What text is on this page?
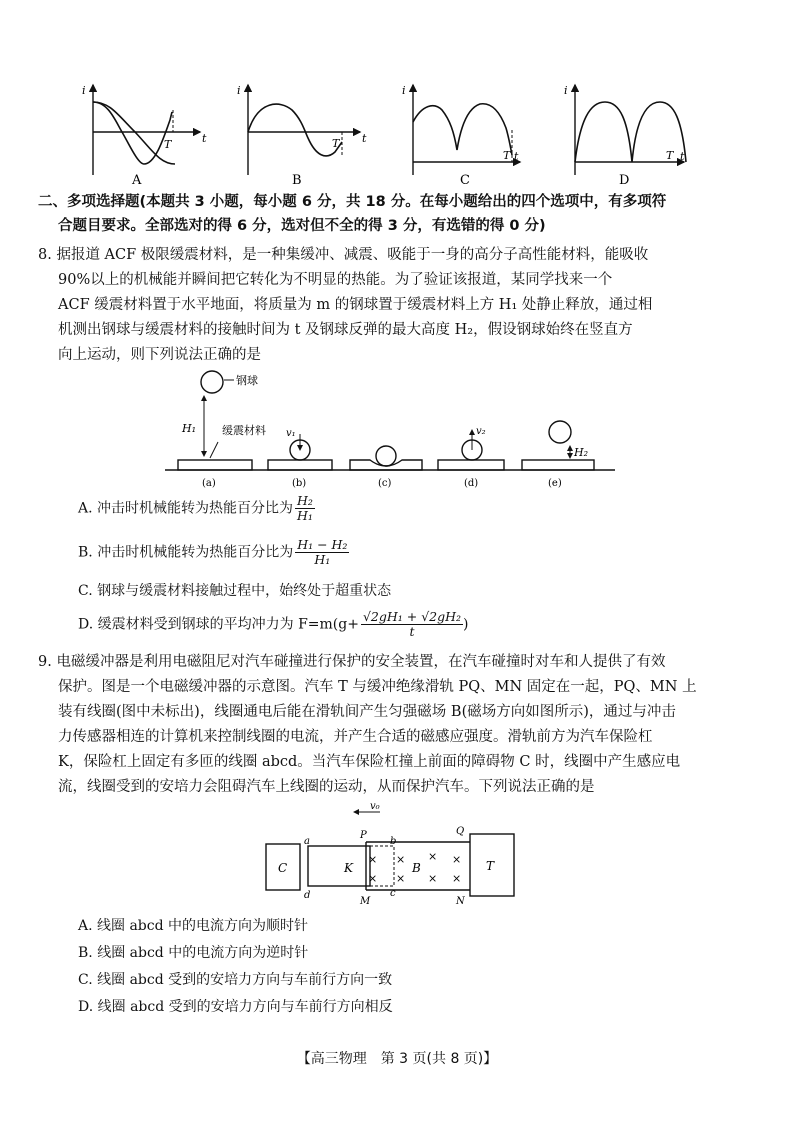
i
t
i
t
i
t
i
t
T
A
T
B
T
C
T
D
二、多项选择题(本题共 3 小题，每小题 6 分，共 18 分。在每小题给出的四个选项中，有多项符
合题目要求。全部选对的得 6 分，选对但不全的得 3 分，有选错的得 0 分)
8. 据报道 ACF 极限缓震材料，是一种集缓冲、减震、吸能于一身的高分子高性能材料，能吸收
90%以上的机械能并瞬间把它转化为不明显的热能。为了验证该报道，某同学找来一个
ACF 缓震材料置于水平地面，将质量为 m 的钢球置于缓震材料上方 H₁ 处静止释放，通过相
机测出钢球与缓震材料的接触时间为 t 及钢球反弹的最大高度 H₂，假设钢球始终在竖直方
向上运动，则下列说法正确的是
钢球
H₁ 缓震材料
(a)
v₁
(b)	(c)
v₂
(d)
H₂
(e)
A. 冲击时机械能转为热能百分比为 $\frac{\text{H₂}}{\text{H₁}}$
B. 冲击时机械能转为热能百分比为 $\frac{\text{H₁ − H₂}}{\text{H₁}}$
C. 钢球与缓震材料接触过程中，始终处于超重状态
D. 缓震材料受到钢球的平均冲力为 $F=m(g+ \frac{\text{√2gH₁ + √2gH₂}}{t}$ )
9. 电磁缓冲器是利用电磁阻尼对汽车碰撞进行保护的安全装置，在汽车碰撞时对车和人提供了有效
保护。图是一个电磁缓冲器的示意图。汽车 T 与缓冲绝缘滑轨 PQ、MN 固定在一起，PQ、MN 上
装有线圈(图中未标出)，线圈通电后能在滑轨间产生匀强磁场 B(磁场方向如图所示)，通过与冲击
力传感器相连的计算机来控制线圈的电流，并产生合适的磁感应强度。滑轨前方为汽车保险杠
K，保险杠上固定有多匝的线圈 abcd。当汽车保险杠撞上前面的障碍物 C 时，线圈中产生感应电
流，线圈受到的安培力会阻碍汽车上线圈的运动，从而保护汽车。下列说法正确的是
v₀
C	K
×
×
×
×
×
×
×
×
B	T
a
d
b
c
P	Q
M	N
A. 线圈 abcd 中的电流方向为顺时针
B. 线圈 abcd 中的电流方向为逆时针
C. 线圈 abcd 受到的安培力方向与车前行方向一致
D. 线圈 abcd 受到的安培力方向与车前行方向相反
【高三物理　第 3 页(共 8 页)】
